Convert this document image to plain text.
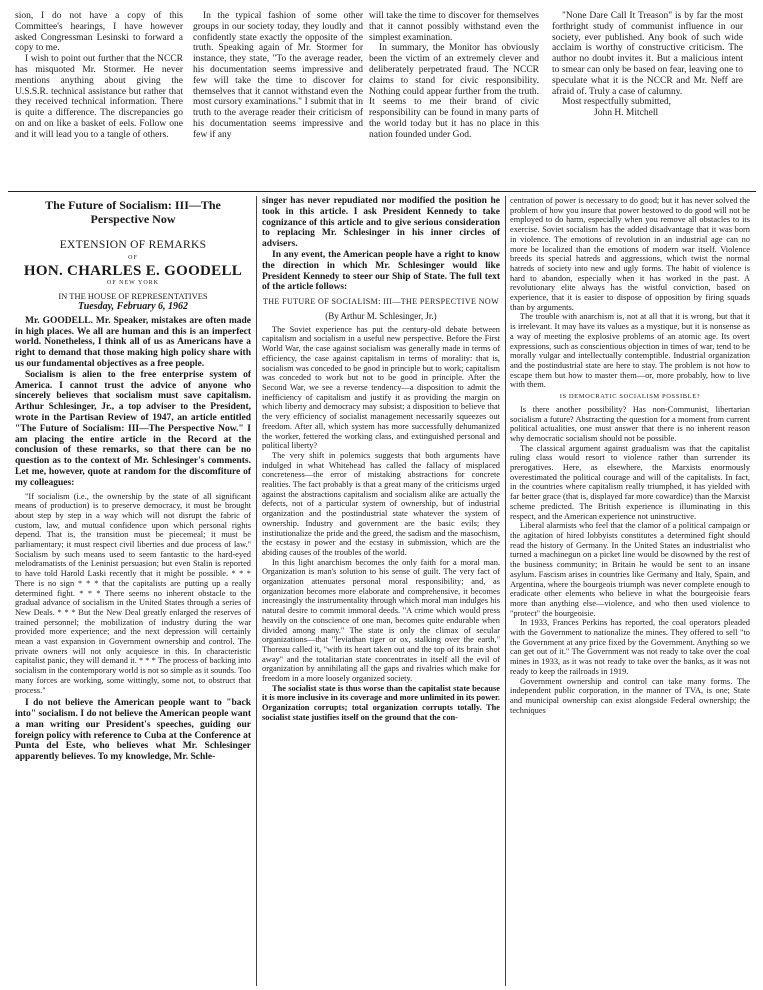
sion, I do not have a copy of this Committee's hearings, I have however asked Congressman Lesinski to forward a copy to me.

I wish to point out further that the NCCR has misquoted Mr. Stormer. He never mentions anything about giving the U.S.S.R. technical assistance but rather that they received technical information. There is quite a difference. The discrepancies go on and on like a basket of eels. Follow one and it will lead you to a tangle of others.

In the typical fashion of some other groups in our society today, they loudly and confidently state exactly the opposite of the truth. Speaking again of Mr. Stormer for instance, they state, "To the average reader, his documentation seems impressive and few will take the time to discover for themselves that it cannot withstand even the most cursory examinations." I submit that in truth to the average reader their criticism of his documentation seems impressive and few if any

will take the time to discover for themselves that it cannot possibly withstand even the simplest examination.

In summary, the Monitor has obviously been the victim of an extremely clever and deliberately perpetrated fraud. The NCCR claims to stand for civic responsibility. Nothing could appear further from the truth. It seems to me their brand of civic responsibility can be found in many parts of the world today but it has no place in this nation founded under God.

"None Dare Call It Treason" is by far the most forthright study of communist influence in our society, ever published. Any book of such wide acclaim is worthy of constructive criticism. The author no doubt invites it. But a malicious intent to smear can only be based on fear, leaving one to speculate what it is the NCCR and Mr. Neff are afraid of. Truly a case of calumny.

Most respectfully submitted,

John H. Mitchell

The Future of Socialism: III—The Perspective Now
EXTENSION OF REMARKS
OF
HON. CHARLES E. GOODELL
OF NEW YORK
IN THE HOUSE OF REPRESENTATIVES
Tuesday, February 6, 1962

Mr. GOODELL. Mr. Speaker, mistakes are often made in high places. We all are human and this is an imperfect world. Nonetheless, I think all of us as Americans have a right to demand that those making high policy share with us our fundamental objectives as a free people.

Socialism is alien to the free enterprise system of America. I cannot trust the advice of anyone who sincerely believes that socialism must save capitalism. Arthur Schlesinger, Jr., a top adviser to the President, wrote in the Partisan Review of 1947, an article entitled "The Future of Socialism: III—The Perspective Now." I am placing the entire article in the Record at the conclusion of these remarks, so that there can be no question as to the context of Mr. Schlesinger's comments. Let me, however, quote at random for the discomfiture of my colleagues:

"If socialism (i.e., the ownership by the state of all significant means of production) is to preserve democracy, it must be brought about step by step in a way which will not disrupt the fabric of custom, law, and mutual confidence upon which personal rights depend. That is, the transition must be piecemeal; it must be parliamentary; it must respect civil liberties and due process of law." Socialism by such means used to seem fantastic to the hard-eyed melodramatists of the Leninist persuasion; but even Stalin is reported to have told Harold Laski recently that it might be possible. * * * There is no sign * * * that the capitalists are putting up a really determined fight. * * * There seems no inherent obstacle to the gradual advance of socialism in the United States through a series of New Deals. * * * But the New Deal greatly enlarged the reserves of trained personnel; the mobilization of industry during the war provided more experience; and the next depression will certainly mean a vast expansion in Government ownership and control. The private owners will not only acquiesce in this. In characteristic capitalist panic, they will demand it. * * * The process of backing into socialism in the contemporary world is not so simple as it sounds. Too many forces are working, some wittingly, some not, to obstruct that process."

I do not believe the American people want to "back into" socialism. I do not believe the American people want a man writing our President's speeches, guiding our foreign policy with reference to Cuba at the Conference at Punta del Este, who believes what Mr. Schlesinger apparently believes. To my knowledge, Mr. Schle-

singer has never repudiated nor modified the position he took in this article. I ask President Kennedy to take cognizance of this article and to give serious consideration to replacing Mr. Schlesinger in his inner circles of advisers.

In any event, the American people have a right to know the direction in which Mr. Schlesinger would like President Kennedy to steer our Ship of State. The full text of the article follows:

THE FUTURE OF SOCIALISM: III—THE PERSPECTIVE NOW
(By Arthur M. Schlesinger, Jr.)

The Soviet experience has put the century-old debate between capitalism and socialism in a useful new perspective. Before the First World War, the case against socialism was generally made in terms of efficiency, the case against capitalism in terms of morality: that is, socialism was conceded to be good in principle but to work; capitalism was conceded to work but not to be good in principle. After the Second War, we see a reverse tendency—a disposition to admit the inefficiency of capitalism and justify it as providing the margin on which liberty and democracy may subsist; a disposition to believe that the very efficiency of socialist management necessarily squeezes out freedom. After all, which system has more successfully dehumanized the worker, fettered the working class, and extinguished personal and political liberty?

The very shift in polemics suggests that both arguments have indulged in what Whitehead has called the fallacy of misplaced concreteness—the error of mistaking abstractions for concrete realities. The fact probably is that a great many of the criticisms urged against the abstractions capitalism and socialism alike are actually the defects, not of a particular system of ownership, but of industrial organization and the postindustrial state whatever the system of ownership. Industry and government are the basic evils; they institutionalize the pride and the greed, the sadism and the masochism, the ecstasy in power and the ecstasy in submission, which are the abiding causes of the troubles of the world.

In this light anarchism becomes the only faith for a moral man. Organization is man's solution to his sense of guilt. The very fact of organization attenuates personal moral responsibility; and, as organization becomes more elaborate and comprehensive, it becomes increasingly the instrumentality through which moral man indulges his natural desire to commit immoral deeds. "A crime which would press heavily on the conscience of one man, becomes quite endurable when divided among many." The state is only the climax of secular organizations—that "leviathan tiger or ox, stalking over the earth," Thoreau called it, "with its heart taken out and the top of its brain shot away" and the totalitarian state concentrates in itself all the evil of organization by annihilating all the gaps and rivalries which make for freedom in a more loosely organized society.

The socialist state is thus worse than the capitalist state because it is more inclusive in its coverage and more unlimited in its power. Organization corrupts; total organization corrupts totally. The socialist state justifies itself on the ground that the con-

centration of power is necessary to do good; but it has never solved the problem of how you insure that power bestowed to do good will not be employed to do harm, especially when you remove all obstacles to its exercise. Soviet socialism has the added disadvantage that it was born in violence. The emotions of revolution in an industrial age can no more be localized than the emotions of modern war itself. Violence breeds its special hatreds and aggressions, which twist the normal hatreds of society into new and ugly forms. The habit of violence is hard to abandon, especially when it has worked in the past. A revolutionary elite always has the wistful conviction, based on experience, that it is easier to dispose of opposition by firing squads than by arguments.

The trouble with anarchism is, not at all that it is wrong, but that it is irrelevant. It may have its values as a mystique, but it is nonsense as a way of meeting the explosive problems of an atomic age. Its overt expressions, such as conscientious objection in times of war, tend to be morally vulgar and intellectually contemptible. Industrial organization and the postindustrial state are here to stay. The problem is not how to escape them but how to master them—or, more probably, how to live with them.

IS DEMOCRATIC SOCIALISM POSSIBLE?

Is there another possibility? Has non-Communist, libertarian socialism a future? Abstracting the question for a moment from current political actualities, one must answer that there is no inherent reason why democratic socialism should not be possible.

The classical argument against gradualism was that the capitalist ruling class would resort to violence rather than surrender its prerogatives. Here, as elsewhere, the Marxists enormously overestimated the political courage and will of the capitalists. In fact, in the countries where capitalism really triumphed, it has yielded with far better grace (that is, displayed far more cowardice) than the Marxist scheme predicted. The British experience is illuminating in this respect, and the American experience not uninstructive.

Liberal alarmists who feel that the clamor of a political campaign or the agitation of hired lobbyists constitutes a determined fight should read the history of Germany. In the United States an industrialist who turned a machinegun on a picket line would be disowned by the rest of the business community; in Britain he would be sent to an insane asylum. Fascism arises in countries like Germany and Italy, Spain, and Argentina, where the bourgeois triumph was never complete enough to eradicate other elements who believe in what the bourgeoisie fears more than anything else—violence, and who then used violence to "protect" the bourgeoisie.

In 1933, Frances Perkins has reported, the coal operators pleaded with the Government to nationalize the mines. They offered to sell "to the Government at any price fixed by the Government. Anything so we can get out of it." The Government was not ready to take over the coal mines in 1933, as it was not ready to take over the banks, as it was not ready to keep the railroads in 1919.

Government ownership and control can take many forms. The independent public corporation, in the manner of TVA, is one; State and municipal ownership can exist alongside Federal ownership; the techniques
